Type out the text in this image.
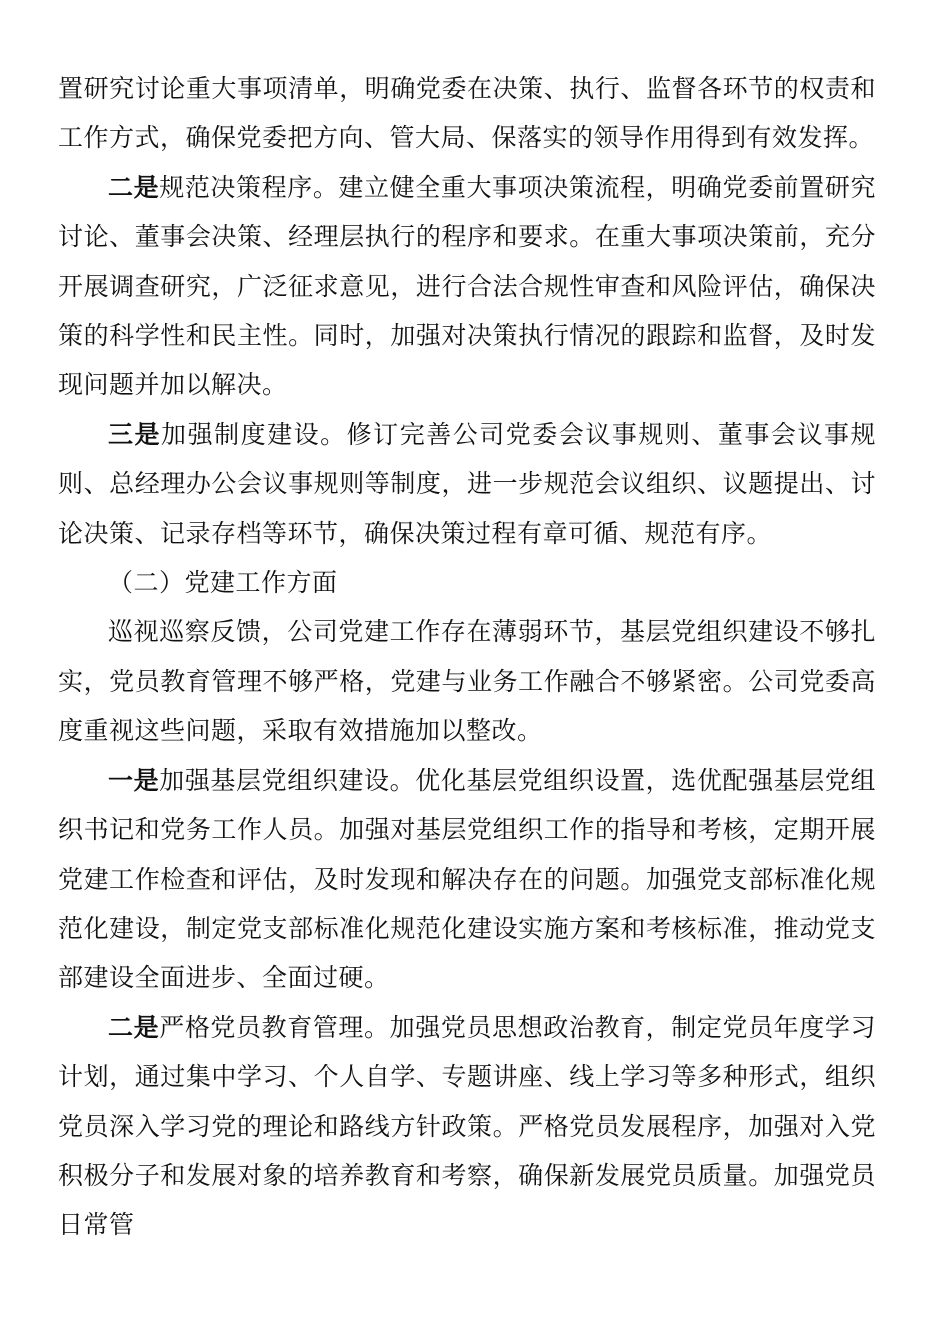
置研究讨论重大事项清单，明确党委在决策、执行、监督各环节的权责和工作方式，确保党委把方向、管大局、保落实的领导作用得到有效发挥。

二是规范决策程序。建立健全重大事项决策流程，明确党委前置研究讨论、董事会决策、经理层执行的程序和要求。在重大事项决策前，充分开展调查研究，广泛征求意见，进行合法合规性审查和风险评估，确保决策的科学性和民主性。同时，加强对决策执行情况的跟踪和监督，及时发现问题并加以解决。

三是加强制度建设。修订完善公司党委会议事规则、董事会议事规则、总经理办公会议事规则等制度，进一步规范会议组织、议题提出、讨论决策、记录存档等环节，确保决策过程有章可循、规范有序。

（二）党建工作方面

巡视巡察反馈，公司党建工作存在薄弱环节，基层党组织建设不够扎实，党员教育管理不够严格，党建与业务工作融合不够紧密。公司党委高度重视这些问题，采取有效措施加以整改。

一是加强基层党组织建设。优化基层党组织设置，选优配强基层党组织书记和党务工作人员。加强对基层党组织工作的指导和考核，定期开展党建工作检查和评估，及时发现和解决存在的问题。加强党支部标准化规范化建设，制定党支部标准化规范化建设实施方案和考核标准，推动党支部建设全面进步、全面过硬。

二是严格党员教育管理。加强党员思想政治教育，制定党员年度学习计划，通过集中学习、个人自学、专题讲座、线上学习等多种形式，组织党员深入学习党的理论和路线方针政策。严格党员发展程序，加强对入党积极分子和发展对象的培养教育和考察，确保新发展党员质量。加强党员日常管
